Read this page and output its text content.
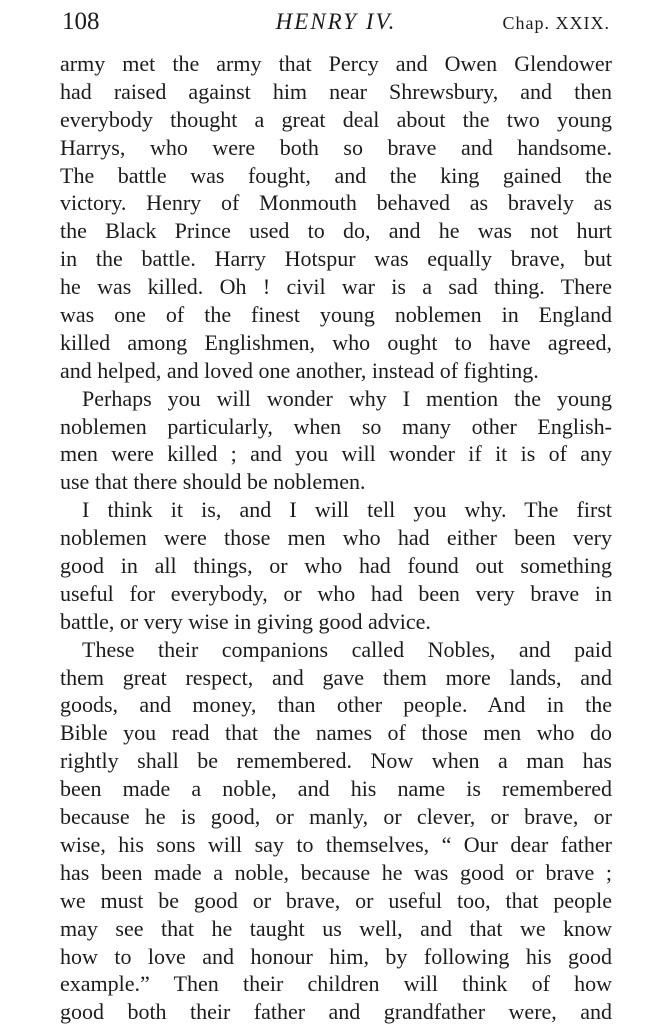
108	HENRY IV.	Chap. XXIX.
army met the army that Percy and Owen Glendower
had raised against him near Shrewsbury, and then
everybody thought a great deal about the two young
Harrys, who were both so brave and handsome.
The battle was fought, and the king gained the
victory. Henry of Monmouth behaved as bravely as
the Black Prince used to do, and he was not hurt
in the battle. Harry Hotspur was equally brave, but
he was killed. Oh ! civil war is a sad thing. There
was one of the finest young noblemen in England
killed among Englishmen, who ought to have agreed,
and helped, and loved one another, instead of fighting.
Perhaps you will wonder why I mention the young
noblemen particularly, when so many other English-
men were killed ; and you will wonder if it is of any
use that there should be noblemen.
I think it is, and I will tell you why. The first
noblemen were those men who had either been very
good in all things, or who had found out something
useful for everybody, or who had been very brave in
battle, or very wise in giving good advice.
These their companions called Nobles, and paid
them great respect, and gave them more lands, and
goods, and money, than other people. And in the
Bible you read that the names of those men who do
rightly shall be remembered. Now when a man has
been made a noble, and his name is remembered
because he is good, or manly, or clever, or brave, or
wise, his sons will say to themselves, “ Our dear father
has been made a noble, because he was good or brave ;
we must be good or brave, or useful too, that people
may see that he taught us well, and that we know
how to love and honour him, by following his good
example.” Then their children will think of how
good both their father and grandfather were, and
